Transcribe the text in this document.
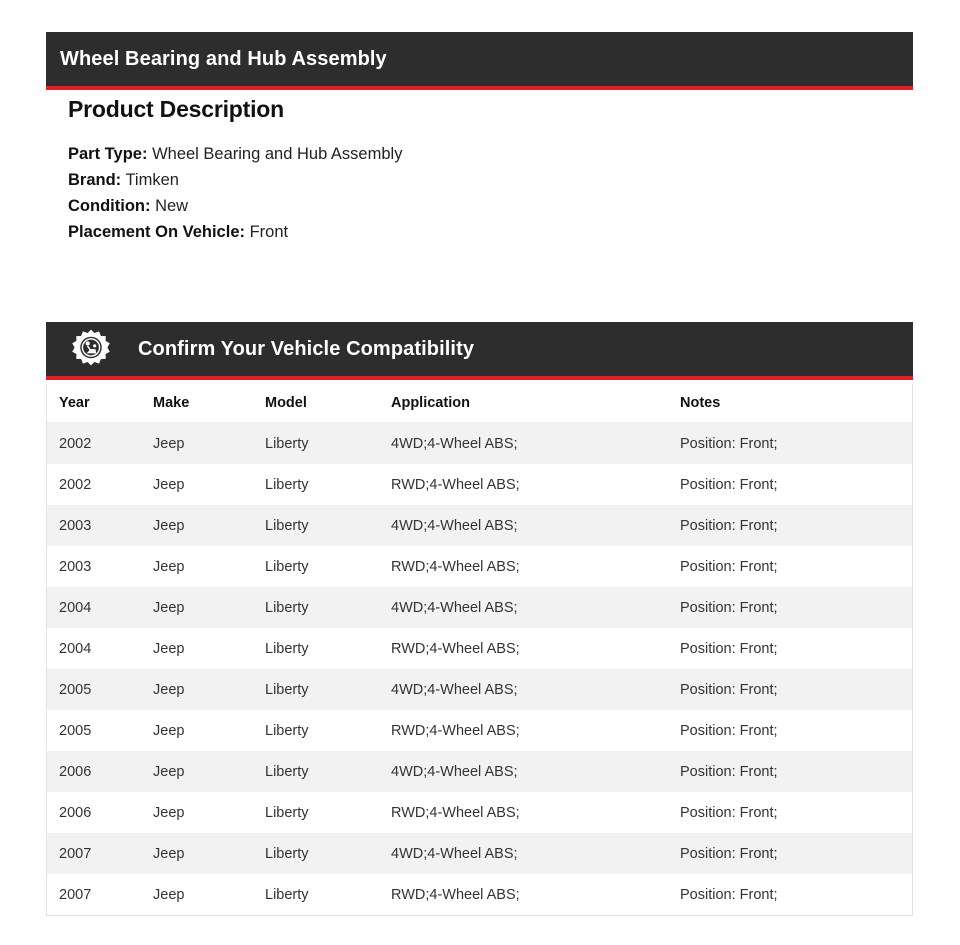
Wheel Bearing and Hub Assembly
Product Description
Part Type: Wheel Bearing and Hub Assembly
Brand: Timken
Condition: New
Placement On Vehicle: Front
Confirm Your Vehicle Compatibility
Year	Make	Model	Application	Notes
2002	Jeep	Liberty	4WD;4-Wheel ABS;	Position: Front;
2002	Jeep	Liberty	RWD;4-Wheel ABS;	Position: Front;
2003	Jeep	Liberty	4WD;4-Wheel ABS;	Position: Front;
2003	Jeep	Liberty	RWD;4-Wheel ABS;	Position: Front;
2004	Jeep	Liberty	4WD;4-Wheel ABS;	Position: Front;
2004	Jeep	Liberty	RWD;4-Wheel ABS;	Position: Front;
2005	Jeep	Liberty	4WD;4-Wheel ABS;	Position: Front;
2005	Jeep	Liberty	RWD;4-Wheel ABS;	Position: Front;
2006	Jeep	Liberty	4WD;4-Wheel ABS;	Position: Front;
2006	Jeep	Liberty	RWD;4-Wheel ABS;	Position: Front;
2007	Jeep	Liberty	4WD;4-Wheel ABS;	Position: Front;
2007	Jeep	Liberty	RWD;4-Wheel ABS;	Position: Front;
